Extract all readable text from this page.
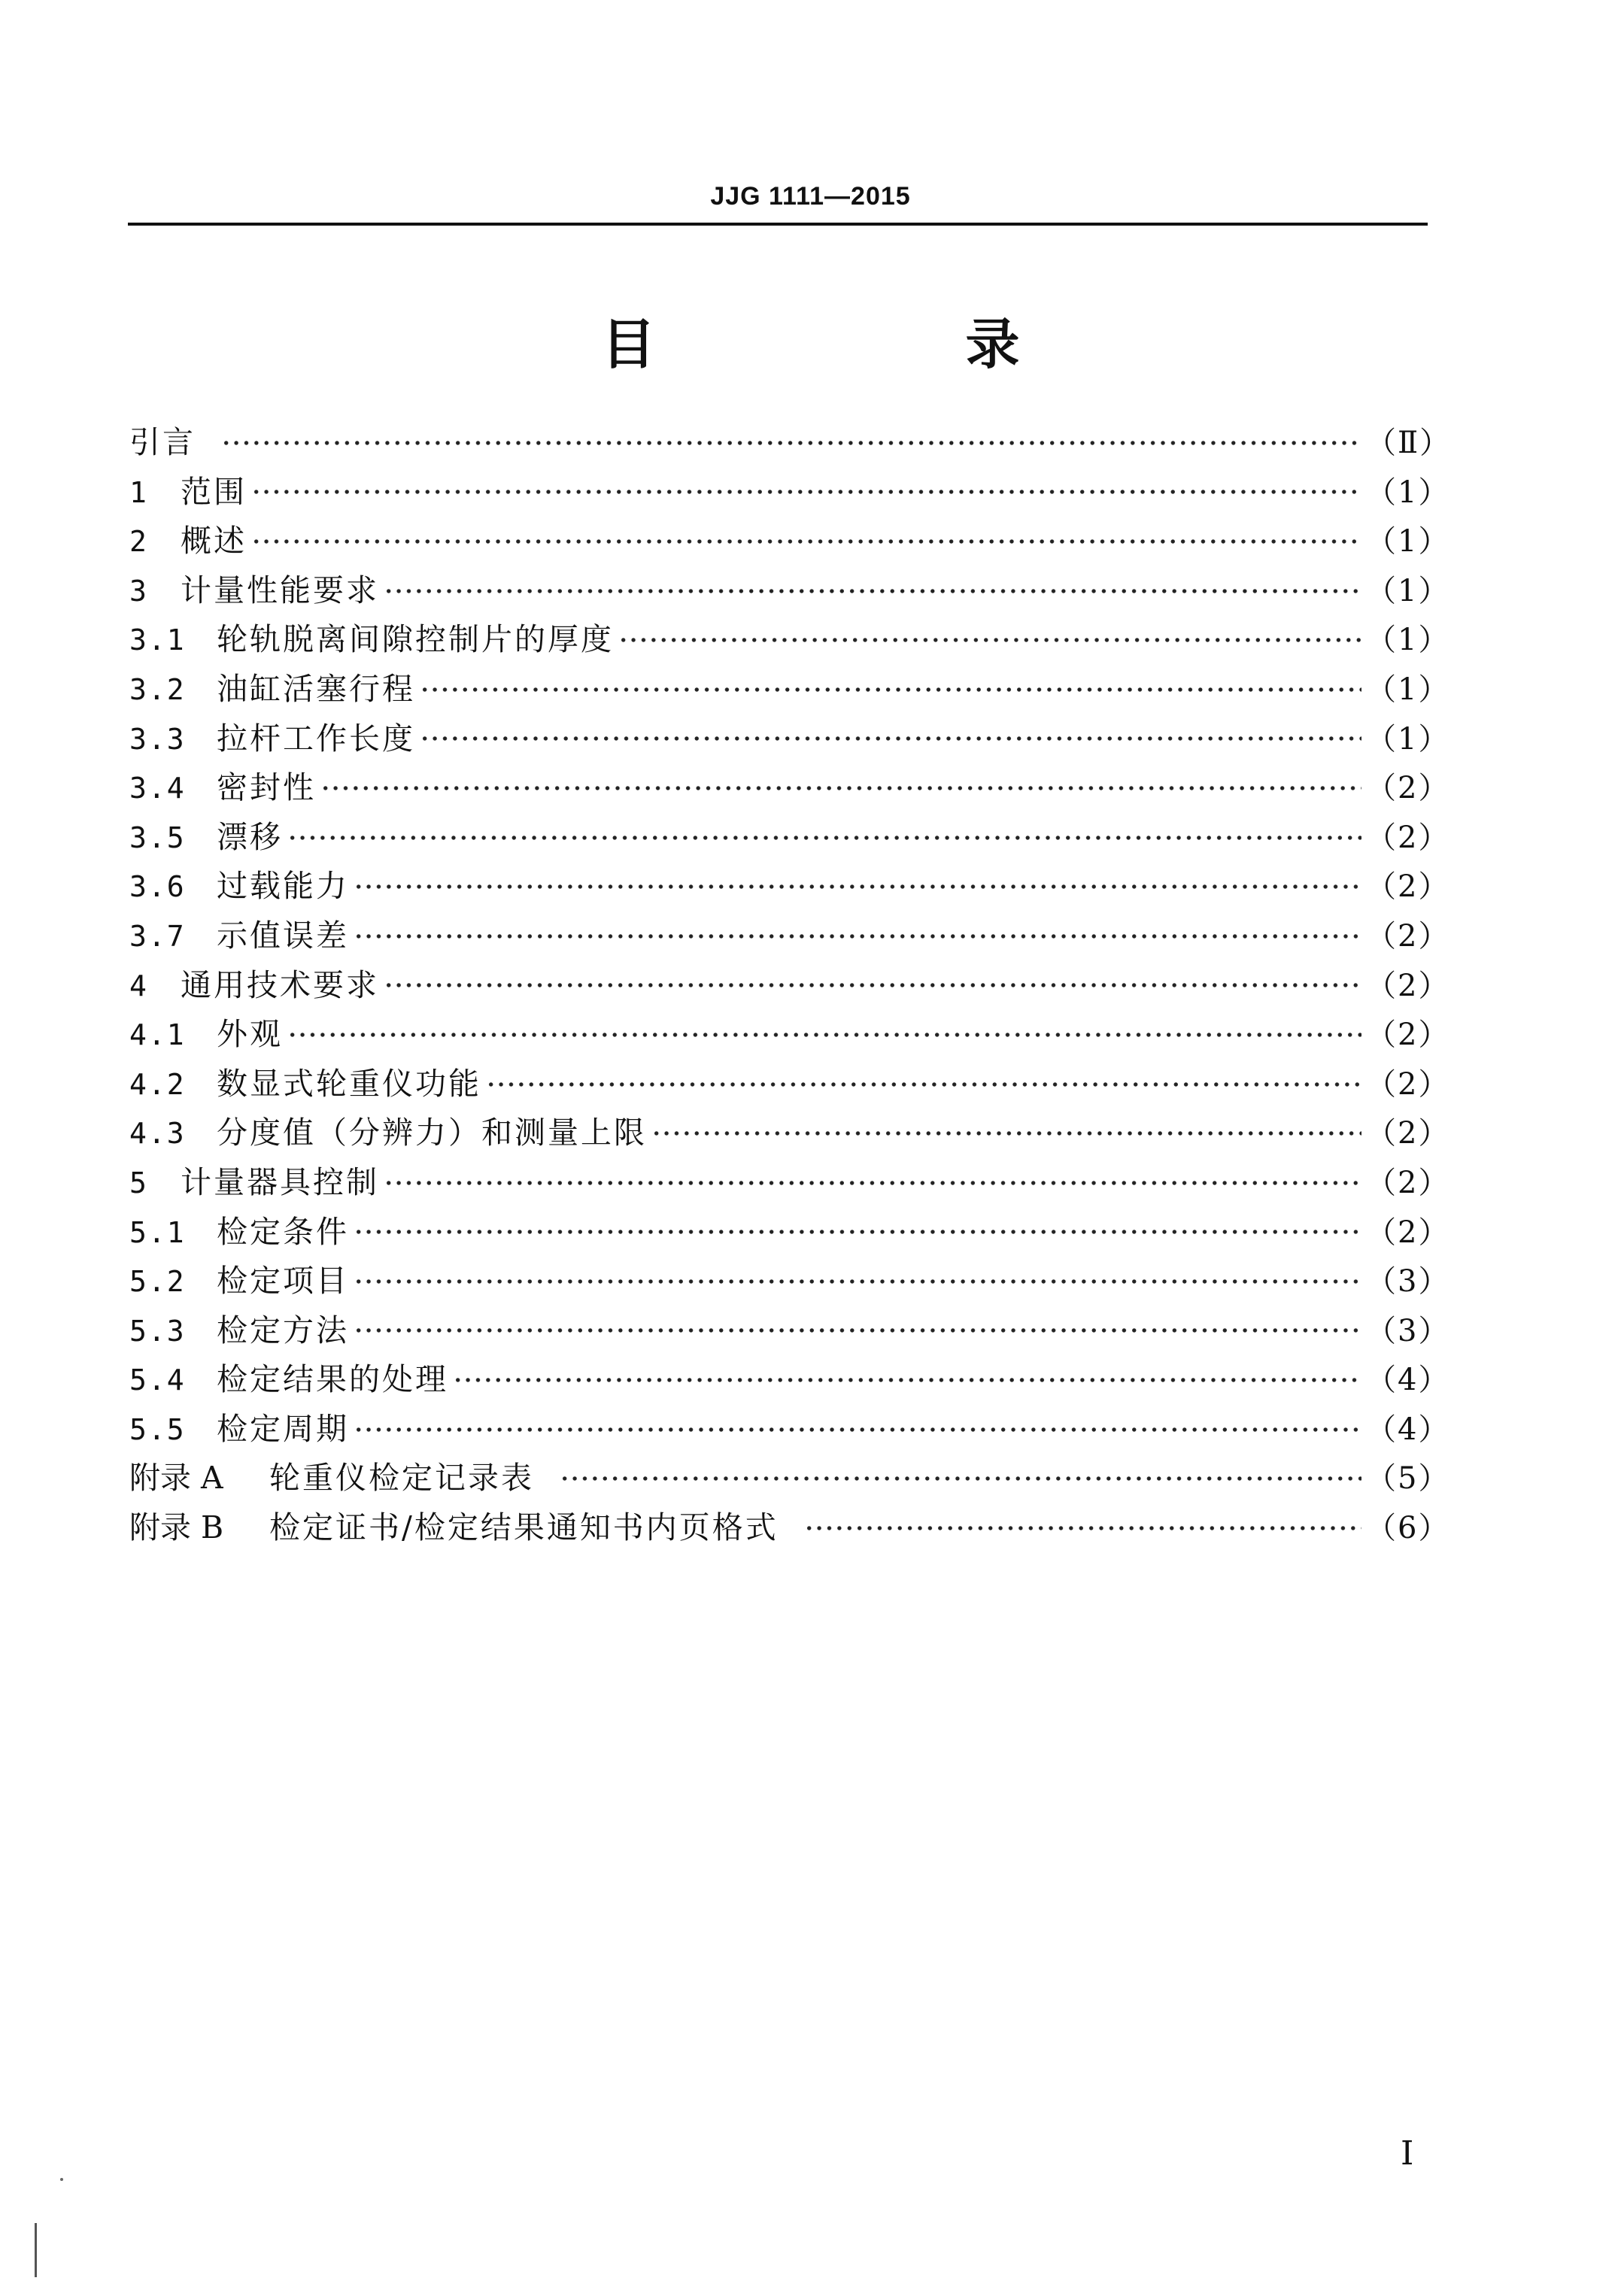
JJG 1111—2015
目　录
引言	（Ⅱ）
1	范围	（1）
2	概述	（1）
3	计量性能要求	（1）
3.1	轮轨脱离间隙控制片的厚度	（1）
3.2	油缸活塞行程	（1）
3.3	拉杆工作长度	（1）
3.4	密封性	（2）
3.5	漂移	（2）
3.6	过载能力	（2）
3.7	示值误差	（2）
4	通用技术要求	（2）
4.1	外观	（2）
4.2	数显式轮重仪功能	（2）
4.3	分度值（分辨力）和测量上限	（2）
5	计量器具控制	（2）
5.1	检定条件	（2）
5.2	检定项目	（3）
5.3	检定方法	（3）
5.4	检定结果的处理	（4）
5.5	检定周期	（4）
附录 A	轮重仪检定记录表	（5）
附录 B	检定证书/检定结果通知书内页格式	（6）
I
